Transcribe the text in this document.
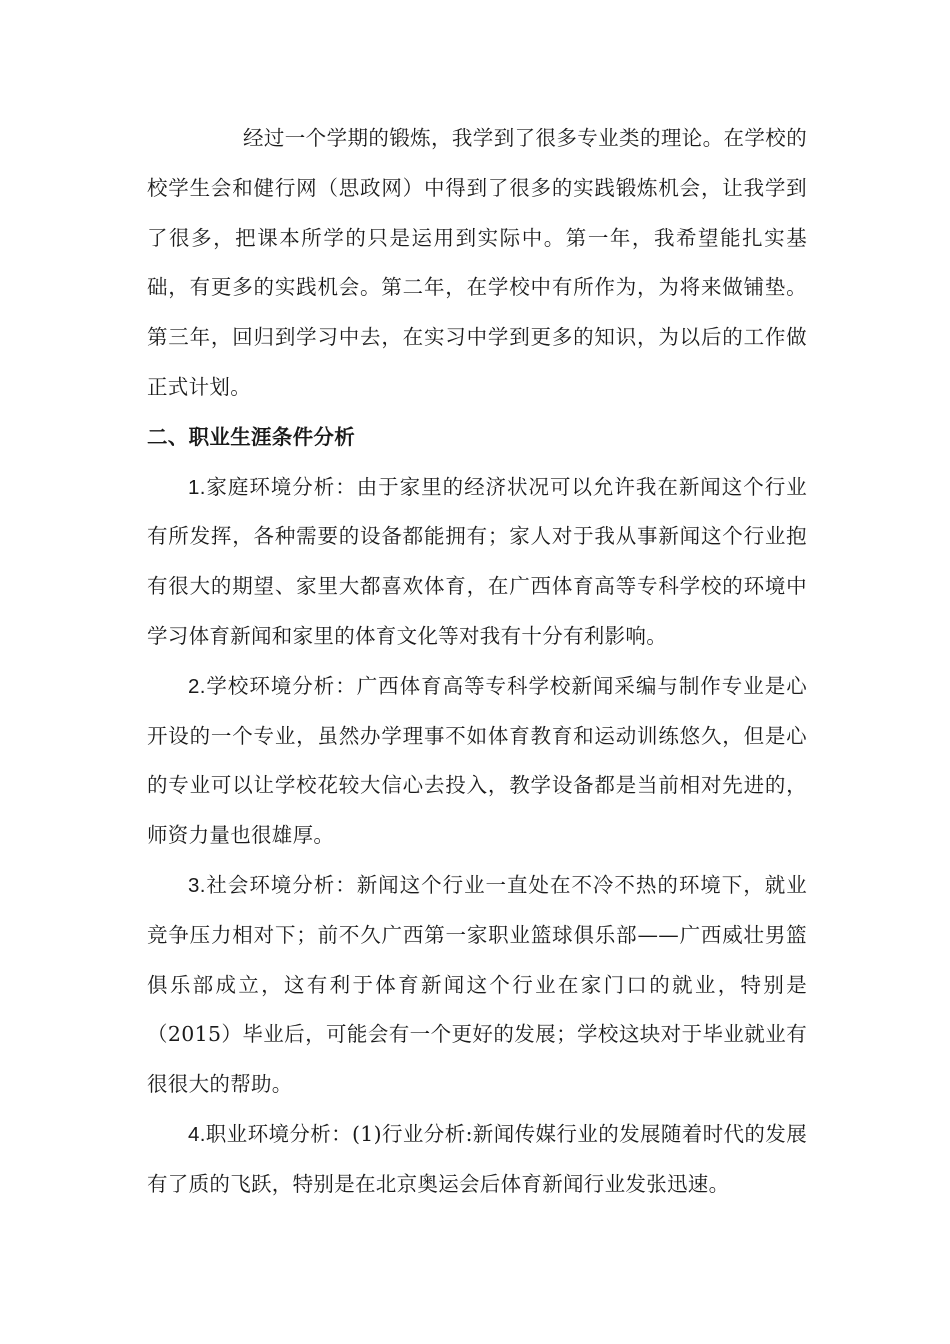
经过一个学期的锻炼，我学到了很多专业类的理论。在学校的校学生会和健行网（思政网）中得到了很多的实践锻炼机会，让我学到了很多，把课本所学的只是运用到实际中。第一年，我希望能扎实基础，有更多的实践机会。第二年，在学校中有所作为，为将来做铺垫。第三年，回归到学习中去，在实习中学到更多的知识，为以后的工作做正式计划。

二、职业生涯条件分析

1.家庭环境分析：由于家里的经济状况可以允许我在新闻这个行业有所发挥，各种需要的设备都能拥有；家人对于我从事新闻这个行业抱有很大的期望、家里大都喜欢体育，在广西体育高等专科学校的环境中学习体育新闻和家里的体育文化等对我有十分有利影响。

2.学校环境分析：广西体育高等专科学校新闻采编与制作专业是心开设的一个专业，虽然办学理事不如体育教育和运动训练悠久，但是心的专业可以让学校花较大信心去投入，教学设备都是当前相对先进的，师资力量也很雄厚。

3.社会环境分析：新闻这个行业一直处在不冷不热的环境下，就业竞争压力相对下；前不久广西第一家职业篮球俱乐部——广西威壮男篮俱乐部成立，这有利于体育新闻这个行业在家门口的就业，特别是（2015）毕业后，可能会有一个更好的发展；学校这块对于毕业就业有很很大的帮助。

4.职业环境分析：(1)行业分析:新闻传媒行业的发展随着时代的发展有了质的飞跃，特别是在北京奥运会后体育新闻行业发张迅速。
